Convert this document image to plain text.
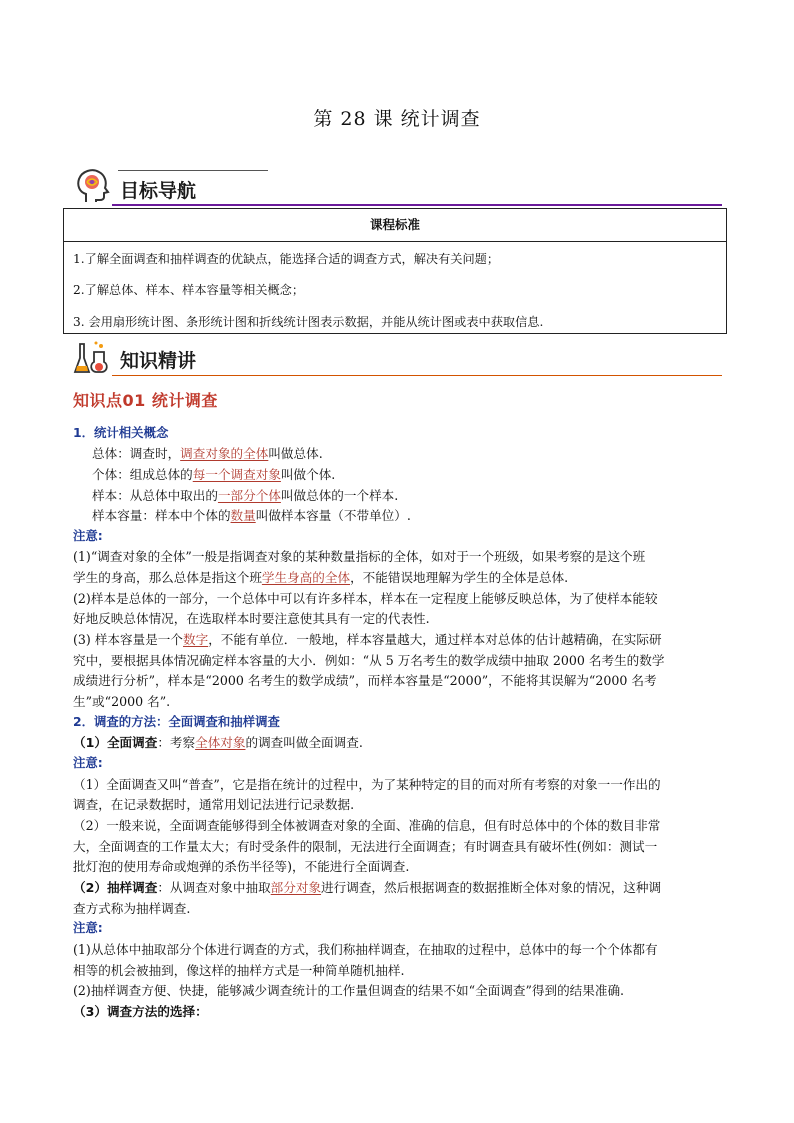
第 28 课 统计调查
目标导航
课程标准
1.了解全面调查和抽样调查的优缺点，能选择合适的调查方式，解决有关问题；
2.了解总体、样本、样本容量等相关概念；
3. 会用扇形统计图、条形统计图和折线统计图表示数据，并能从统计图或表中获取信息.
知识精讲
知识点01 统计调查
1．统计相关概念
总体：调查时，调查对象的全体叫做总体.
个体：组成总体的每一个调查对象叫做个体.
样本：从总体中取出的一部分个体叫做总体的一个样本.
样本容量：样本中个体的数量叫做样本容量（不带单位）.
注意:
(1)“调查对象的全体”一般是指调查对象的某种数量指标的全体，如对于一个班级，如果考察的是这个班
学生的身高，那么总体是指这个班学生身高的全体，不能错误地理解为学生的全体是总体.
(2)样本是总体的一部分，一个总体中可以有许多样本，样本在一定程度上能够反映总体，为了使样本能较
好地反映总体情况，在选取样本时要注意使其具有一定的代表性.
(3) 样本容量是一个数字，不能有单位．一般地，样本容量越大，通过样本对总体的估计越精确，在实际研
究中，要根据具体情况确定样本容量的大小．例如：“从 5 万名考生的数学成绩中抽取 2000 名考生的数学
成绩进行分析”，样本是“2000 名考生的数学成绩”，而样本容量是“2000”，不能将其误解为“2000 名考
生”或“2000 名”.
2．调查的方法：全面调查和抽样调查
（1）全面调查：考察全体对象的调查叫做全面调查.
注意:
（1）全面调查又叫“普查”，它是指在统计的过程中，为了某种特定的目的而对所有考察的对象一一作出的
调查，在记录数据时，通常用划记法进行记录数据.
（2）一般来说，全面调查能够得到全体被调查对象的全面、准确的信息，但有时总体中的个体的数目非常
大，全面调查的工作量太大；有时受条件的限制，无法进行全面调查；有时调查具有破坏性(例如：测试一
批灯泡的使用寿命或炮弹的杀伤半径等)，不能进行全面调查.
（2）抽样调查：从调查对象中抽取部分对象进行调查，然后根据调查的数据推断全体对象的情况，这种调
查方式称为抽样调查.
注意:
(1)从总体中抽取部分个体进行调查的方式，我们称抽样调查，在抽取的过程中，总体中的每一个个体都有
相等的机会被抽到，像这样的抽样方式是一种简单随机抽样.
(2)抽样调查方便、快捷，能够减少调查统计的工作量但调查的结果不如“全面调查”得到的结果准确.
（3）调查方法的选择：
